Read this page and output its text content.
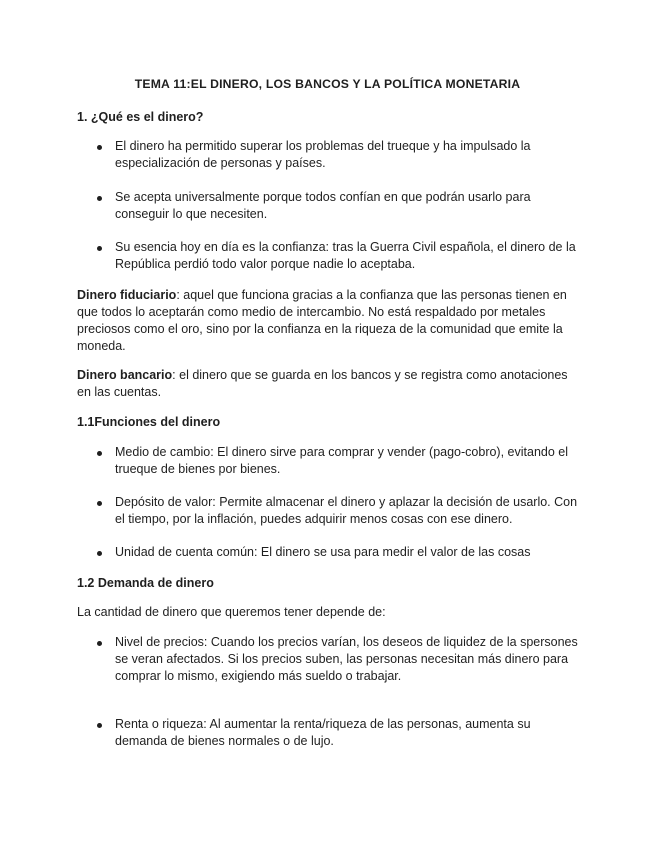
TEMA 11:EL DINERO, LOS BANCOS Y LA POLÍTICA MONETARIA
1. ¿Qué es el dinero?
El dinero ha permitido superar los problemas del trueque y ha impulsado la especialización de personas y países.
Se acepta universalmente porque todos confían en que podrán usarlo para conseguir lo que necesiten.
Su esencia hoy en día es la confianza: tras la Guerra Civil española, el dinero de la República perdió todo valor porque nadie lo aceptaba.
Dinero fiduciario: aquel que funciona gracias a la confianza que las personas tienen en que todos lo aceptarán como medio de intercambio. No está respaldado por metales preciosos como el oro, sino por la confianza en la riqueza de la comunidad que emite la moneda.
Dinero bancario: el dinero que se guarda en los bancos y se registra como anotaciones en las cuentas.
1.1Funciones del dinero
Medio de cambio: El dinero sirve para comprar y vender (pago-cobro), evitando el trueque de bienes por bienes.
Depósito de valor: Permite almacenar el dinero y aplazar la decisión de usarlo. Con el tiempo, por la inflación, puedes adquirir menos cosas con ese dinero.
Unidad de cuenta común: El dinero se usa para medir el valor de las cosas
1.2 Demanda de dinero
La cantidad de dinero que queremos tener depende de:
Nivel de precios: Cuando los precios varían, los deseos de liquidez de la spersones se veran afectados. Si los precios suben, las personas necesitan más dinero para comprar lo mismo, exigiendo más sueldo o trabajar.
Renta o riqueza: Al aumentar la renta/riqueza de las personas, aumenta su demanda de bienes normales o de lujo.
